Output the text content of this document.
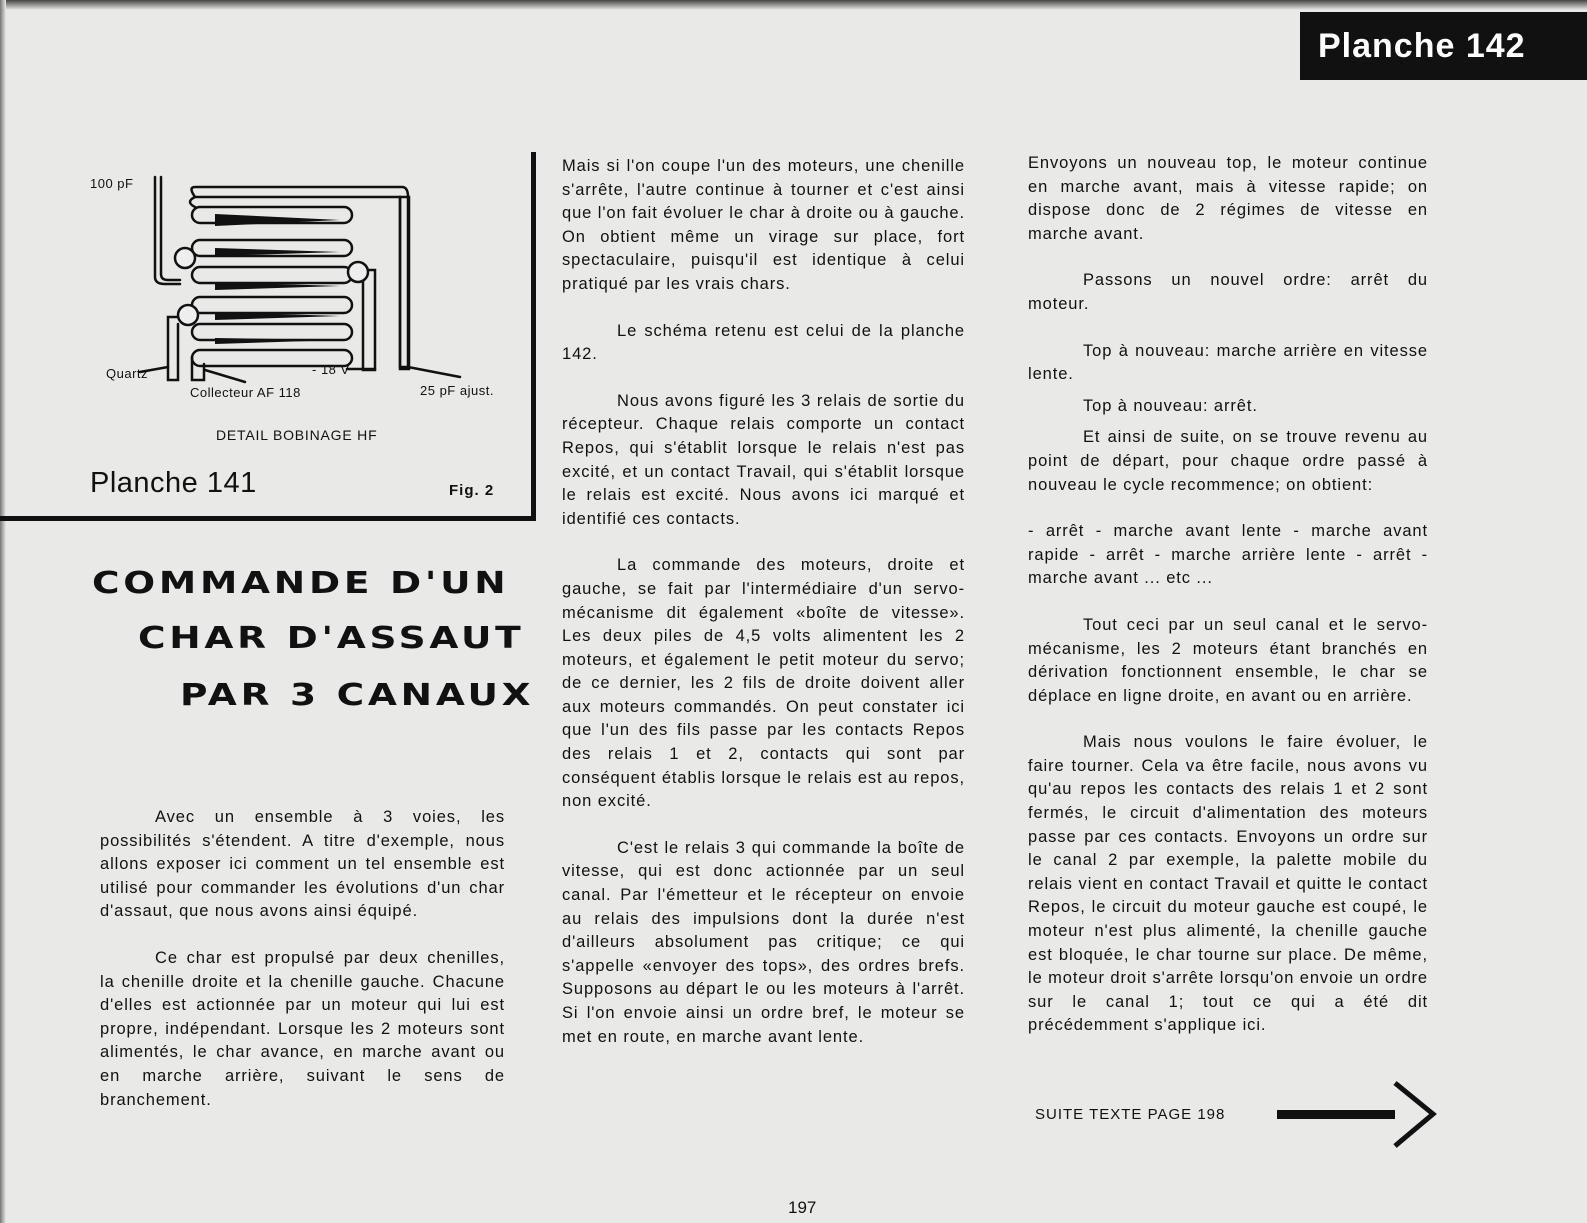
Planche 142
100 pF
Quartz
Collecteur AF 118
- 18 V
25 pF ajust.
DETAIL BOBINAGE HF
Planche 141	Fig. 2
COMMANDE D'UN
CHAR D'ASSAUT
PAR 3 CANAUX

Avec un ensemble à 3 voies, les possibilités s'étendent. A titre d'exemple, nous allons exposer ici comment un tel ensemble est utilisé pour commander les évolutions d'un char d'assaut, que nous avons ainsi équipé.

Ce char est propulsé par deux chenilles, la chenille droite et la chenille gauche. Chacune d'elles est actionnée par un moteur qui lui est propre, indépendant. Lorsque les 2 moteurs sont alimentés, le char avance, en marche avant ou en marche arrière, suivant le sens de branchement.

Mais si l'on coupe l'un des moteurs, une chenille s'arrête, l'autre continue à tourner et c'est ainsi que l'on fait évoluer le char à droite ou à gauche. On obtient même un virage sur place, fort spectaculaire, puisqu'il est identique à celui pratiqué par les vrais chars.

Le schéma retenu est celui de la planche 142.

Nous avons figuré les 3 relais de sortie du récepteur. Chaque relais comporte un contact Repos, qui s'établit lorsque le relais n'est pas excité, et un contact Travail, qui s'établit lorsque le relais est excité. Nous avons ici marqué et identifié ces contacts.

La commande des moteurs, droite et gauche, se fait par l'intermédiaire d'un servo-mécanisme dit également «boîte de vitesse». Les deux piles de 4,5 volts alimentent les 2 moteurs, et également le petit moteur du servo; de ce dernier, les 2 fils de droite doivent aller aux moteurs commandés. On peut constater ici que l'un des fils passe par les contacts Repos des relais 1 et 2, contacts qui sont par conséquent établis lorsque le relais est au repos, non excité.

C'est le relais 3 qui commande la boîte de vitesse, qui est donc actionnée par un seul canal. Par l'émetteur et le récepteur on envoie au relais des impulsions dont la durée n'est d'ailleurs absolument pas critique; ce qui s'appelle «envoyer des tops», des ordres brefs. Supposons au départ le ou les moteurs à l'arrêt. Si l'on envoie ainsi un ordre bref, le moteur se met en route, en marche avant lente.

Envoyons un nouveau top, le moteur continue en marche avant, mais à vitesse rapide; on dispose donc de 2 régimes de vitesse en marche avant.

Passons un nouvel ordre: arrêt du moteur.

Top à nouveau: marche arrière en vitesse lente.

Top à nouveau: arrêt.

Et ainsi de suite, on se trouve revenu au point de départ, pour chaque ordre passé à nouveau le cycle recommence; on obtient:

- arrêt - marche avant lente - marche avant rapide - arrêt - marche arrière lente - arrêt - marche avant ... etc ...

Tout ceci par un seul canal et le servo-mécanisme, les 2 moteurs étant branchés en dérivation fonctionnent ensemble, le char se déplace en ligne droite, en avant ou en arrière.

Mais nous voulons le faire évoluer, le faire tourner. Cela va être facile, nous avons vu qu'au repos les contacts des relais 1 et 2 sont fermés, le circuit d'alimentation des moteurs passe par ces contacts. Envoyons un ordre sur le canal 2 par exemple, la palette mobile du relais vient en contact Travail et quitte le contact Repos, le circuit du moteur gauche est coupé, le moteur n'est plus alimenté, la chenille gauche est bloquée, le char tourne sur place. De même, le moteur droit s'arrête lorsqu'on envoie un ordre sur le canal 1; tout ce qui a été dit précédemment s'applique ici.

SUITE TEXTE PAGE 198
197
